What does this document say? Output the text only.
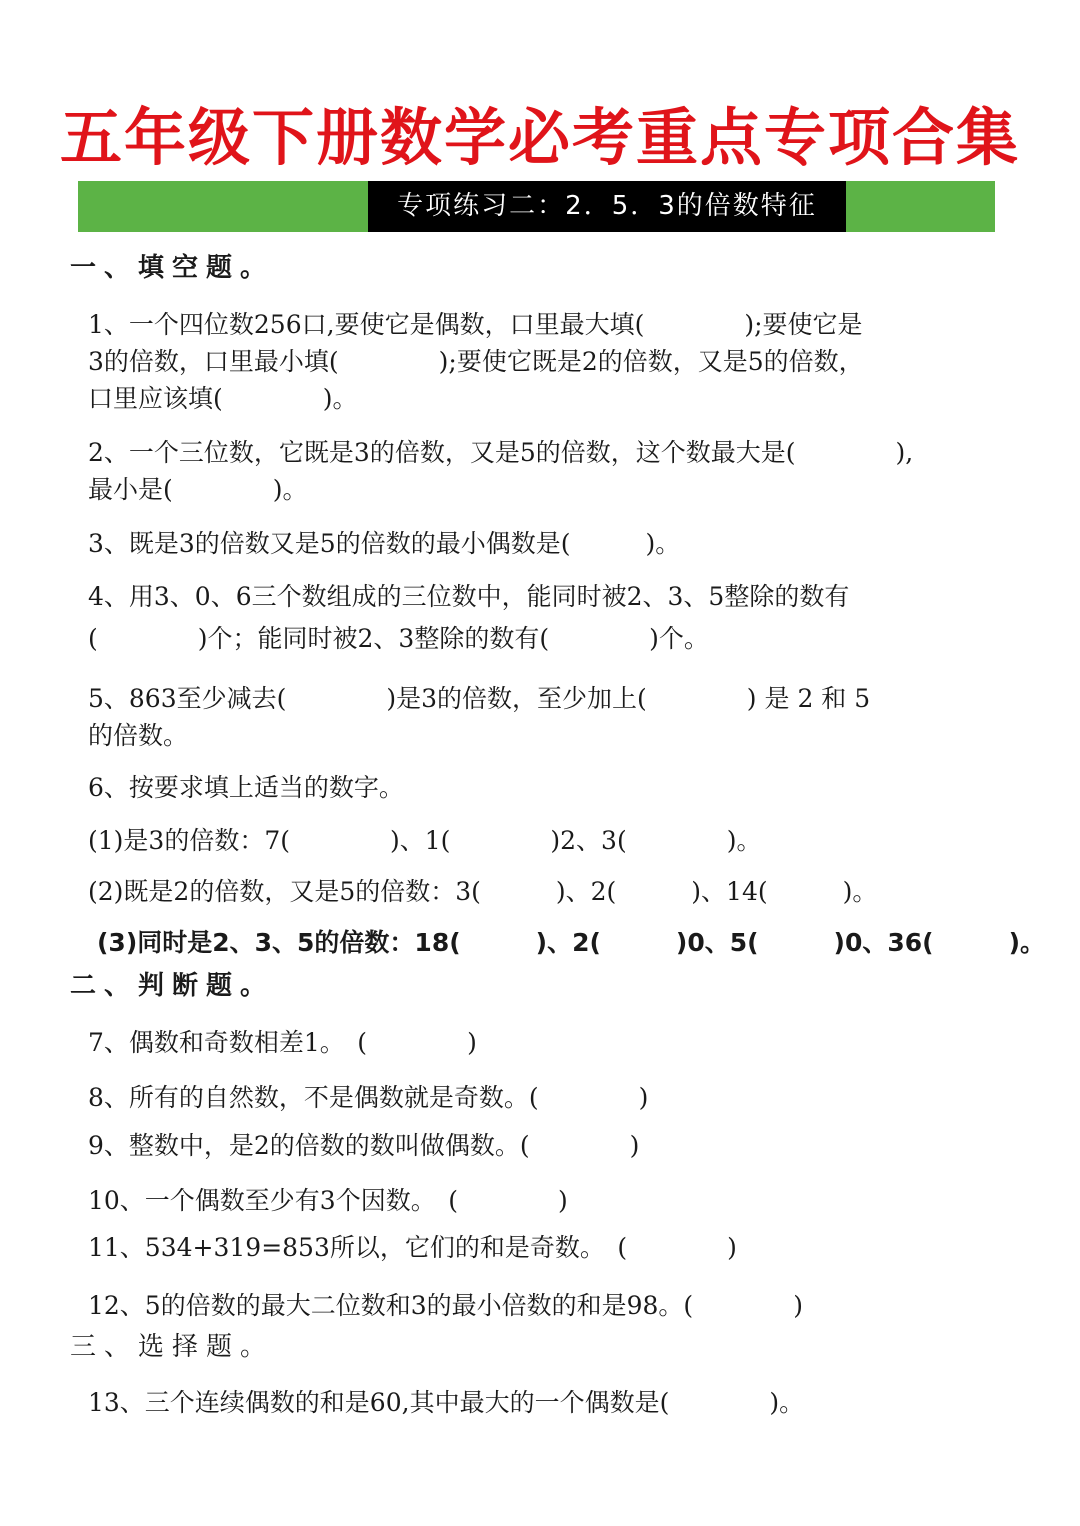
五年级下册数学必考重点专项合集
专项练习二：2．5．3的倍数特征
一、填空题。
1、一个四位数256口,要使它是偶数，口里最大填(　　　　);要使它是
3的倍数，口里最小填(　　　　);要使它既是2的倍数，又是5的倍数，
口里应该填(　　　　)。
2、一个三位数，它既是3的倍数，又是5的倍数，这个数最大是(　　　　),
最小是(　　　　)。
3、既是3的倍数又是5的倍数的最小偶数是(　　　)。
4、用3、0、6三个数组成的三位数中，能同时被2、3、5整除的数有
(　　　　)个；能同时被2、3整除的数有(　　　　)个。
5、863至少减去(　　　　)是3的倍数，至少加上(　　　　) 是 2 和 5
的倍数。
6、按要求填上适当的数字。
(1)是3的倍数：7(　　　　)、1(　　　　)2、3(　　　　)。
(2)既是2的倍数，又是5的倍数：3(　　　)、2(　　　)、14(　　　)。
(3)同时是2、3、5的倍数：18(　　　)、2(　　　)0、5(　　　)0、36(　　　)。
二、判断题。
7、偶数和奇数相差1。　(　　　　)
8、所有的自然数，不是偶数就是奇数。(　　　　)
9、整数中，是2的倍数的数叫做偶数。(　　　　)
10、一个偶数至少有3个因数。　(　　　　)
11、534+319=853所以，它们的和是奇数。　(　　　　)
12、5的倍数的最大二位数和3的最小倍数的和是98。(　　　　)
三、选择题。
13、三个连续偶数的和是60,其中最大的一个偶数是(　　　　)。
